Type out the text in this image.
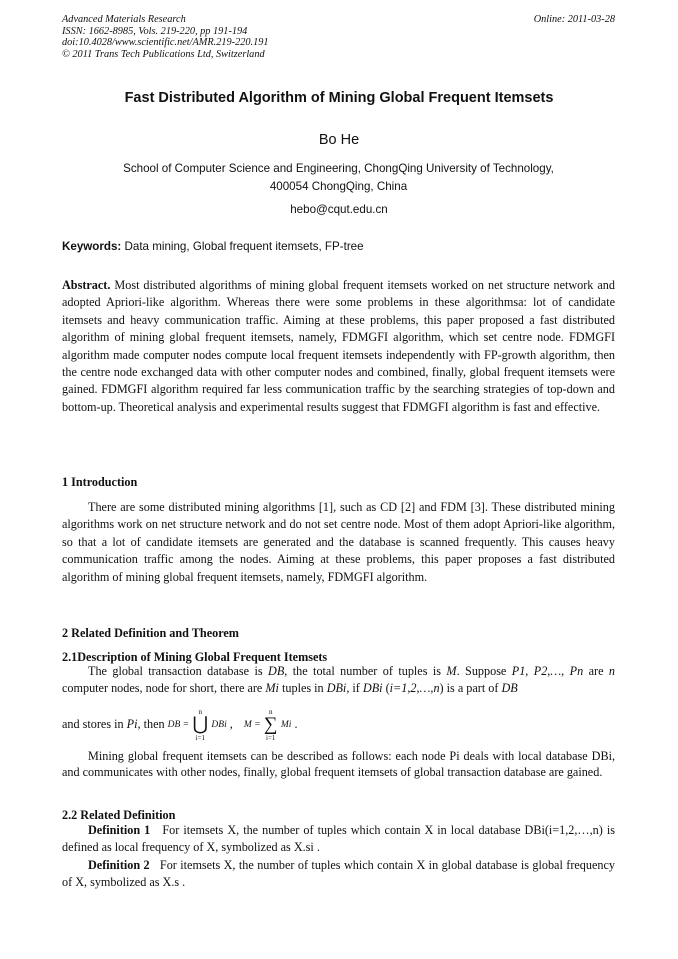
Advanced Materials Research
ISSN: 1662-8985, Vols. 219-220, pp 191-194
doi:10.4028/www.scientific.net/AMR.219-220.191
© 2011 Trans Tech Publications Ltd, Switzerland
Online: 2011-03-28
Fast Distributed Algorithm of Mining Global Frequent Itemsets
Bo He
School of Computer Science and Engineering, ChongQing University of Technology,
400054 ChongQing, China
hebo@cqut.edu.cn
Keywords: Data mining, Global frequent itemsets, FP-tree
Abstract. Most distributed algorithms of mining global frequent itemsets worked on net structure network and adopted Apriori-like algorithm. Whereas there were some problems in these algorithmsa: lot of candidate itemsets and heavy communication traffic. Aiming at these problems, this paper proposed a fast distributed algorithm of mining global frequent itemsets, namely, FDMGFI algorithm, which set centre node. FDMGFI algorithm made computer nodes compute local frequent itemsets independently with FP-growth algorithm, then the centre node exchanged data with other computer nodes and combined, finally, global frequent itemsets were gained. FDMGFI algorithm required far less communication traffic by the searching strategies of top-down and bottom-up. Theoretical analysis and experimental results suggest that FDMGFI algorithm is fast and effective.
1 Introduction
There are some distributed mining algorithms [1], such as CD [2] and FDM [3]. These distributed mining algorithms work on net structure network and do not set centre node. Most of them adopt Apriori-like algorithm, so that a lot of candidate itemsets are generated and the database is scanned frequently. This causes heavy communication traffic among the nodes. Aiming at these problems, this paper proposes a fast distributed algorithm of mining global frequent itemsets, namely, FDMGFI algorithm.
2 Related Definition and Theorem
2.1Description of Mining Global Frequent Itemsets
The global transaction database is DB, the total number of tuples is M. Suppose P1, P2,…, Pn are n computer nodes, node for short, there are Mi tuples in DBi, if DBi (i=1,2,…,n) is a part of DB
and stores in Pi, then DB =
n
⋃
i=1
DBi , M =
n
∑
i=1
Mi .
Mining global frequent itemsets can be described as follows: each node Pi deals with local database DBi, and communicates with other nodes, finally, global frequent itemsets of global transaction database are gained.
2.2 Related Definition
Definition 1 For itemsets X, the number of tuples which contain X in local database DBi(i=1,2,…,n) is defined as local frequency of X, symbolized as X.si .
Definition 2 For itemsets X, the number of tuples which contain X in global database is global frequency of X, symbolized as X.s .
